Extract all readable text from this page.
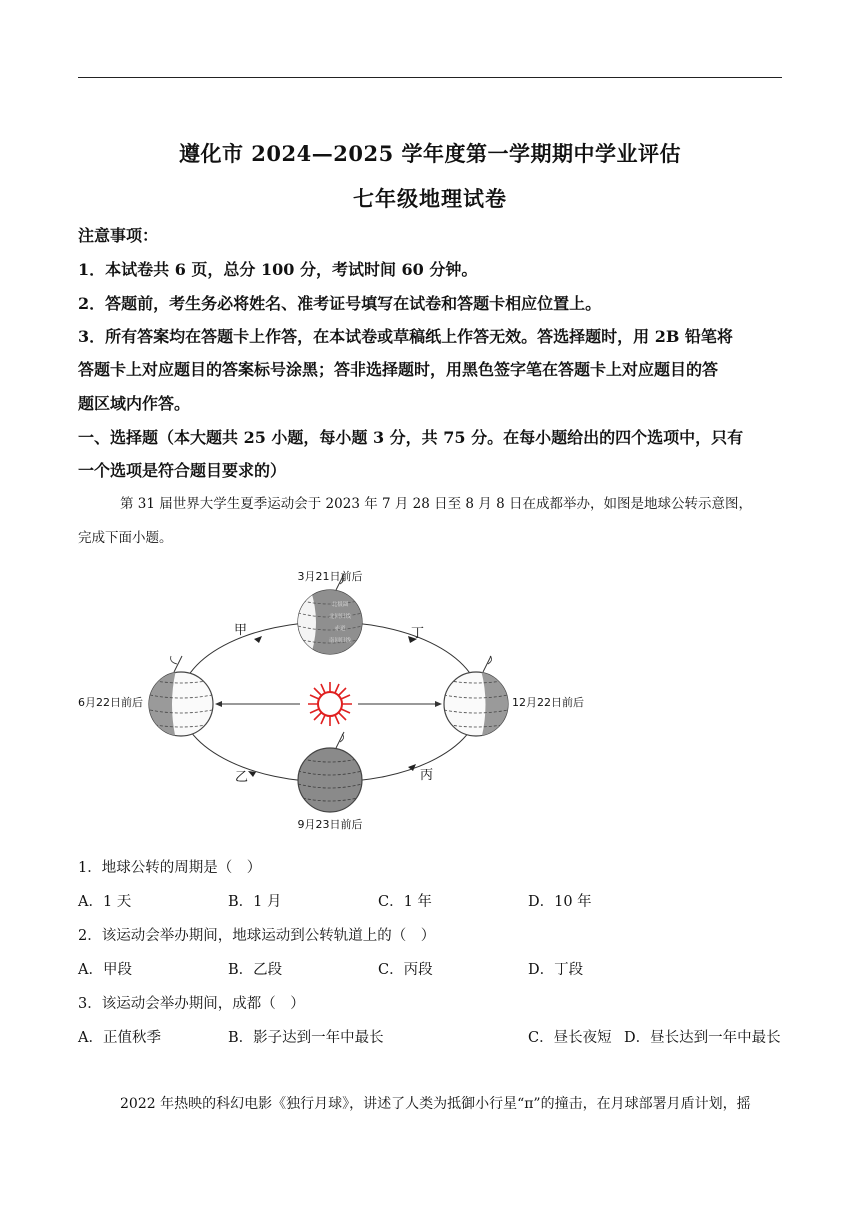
遵化市 2024—2025 学年度第一学期期中学业评估
七年级地理试卷
注意事项：
1．本试卷共 6 页，总分 100 分，考试时间 60 分钟。
2．答题前，考生务必将姓名、准考证号填写在试卷和答题卡相应位置上。
3．所有答案均在答题卡上作答，在本试卷或草稿纸上作答无效。答选择题时，用 2B 铅笔将
答题卡上对应题目的答案标号涂黑；答非选择题时，用黑色签字笔在答题卡上对应题目的答
题区域内作答。
一、选择题（本大题共 25 小题，每小题 3 分，共 75 分。在每小题给出的四个选项中，只有
一个选项是符合题目要求的）
第 31 届世界大学生夏季运动会于 2023 年 7 月 28 日至 8 月 8 日在成都举办，如图是地球公转示意图，
完成下面小题。
北极圈
北回归线
赤道
南回归线
3月21日前后
6月22日前后	12月22日前后
9月23日前后
甲	丁
乙	丙
1．地球公转的周期是（　）
A．1 天	B．1 月	C．1 年	D．10 年
2．该运动会举办期间，地球运动到公转轨道上的（　）
A．甲段	B．乙段	C．丙段	D．丁段
3．该运动会举办期间，成都（　）
A．正值秋季	B．影子达到一年中最长	C．昼长夜短 D．昼长达到一年中最长
2022 年热映的科幻电影《独行月球》，讲述了人类为抵御小行星“π”的撞击，在月球部署月盾计划，摇
